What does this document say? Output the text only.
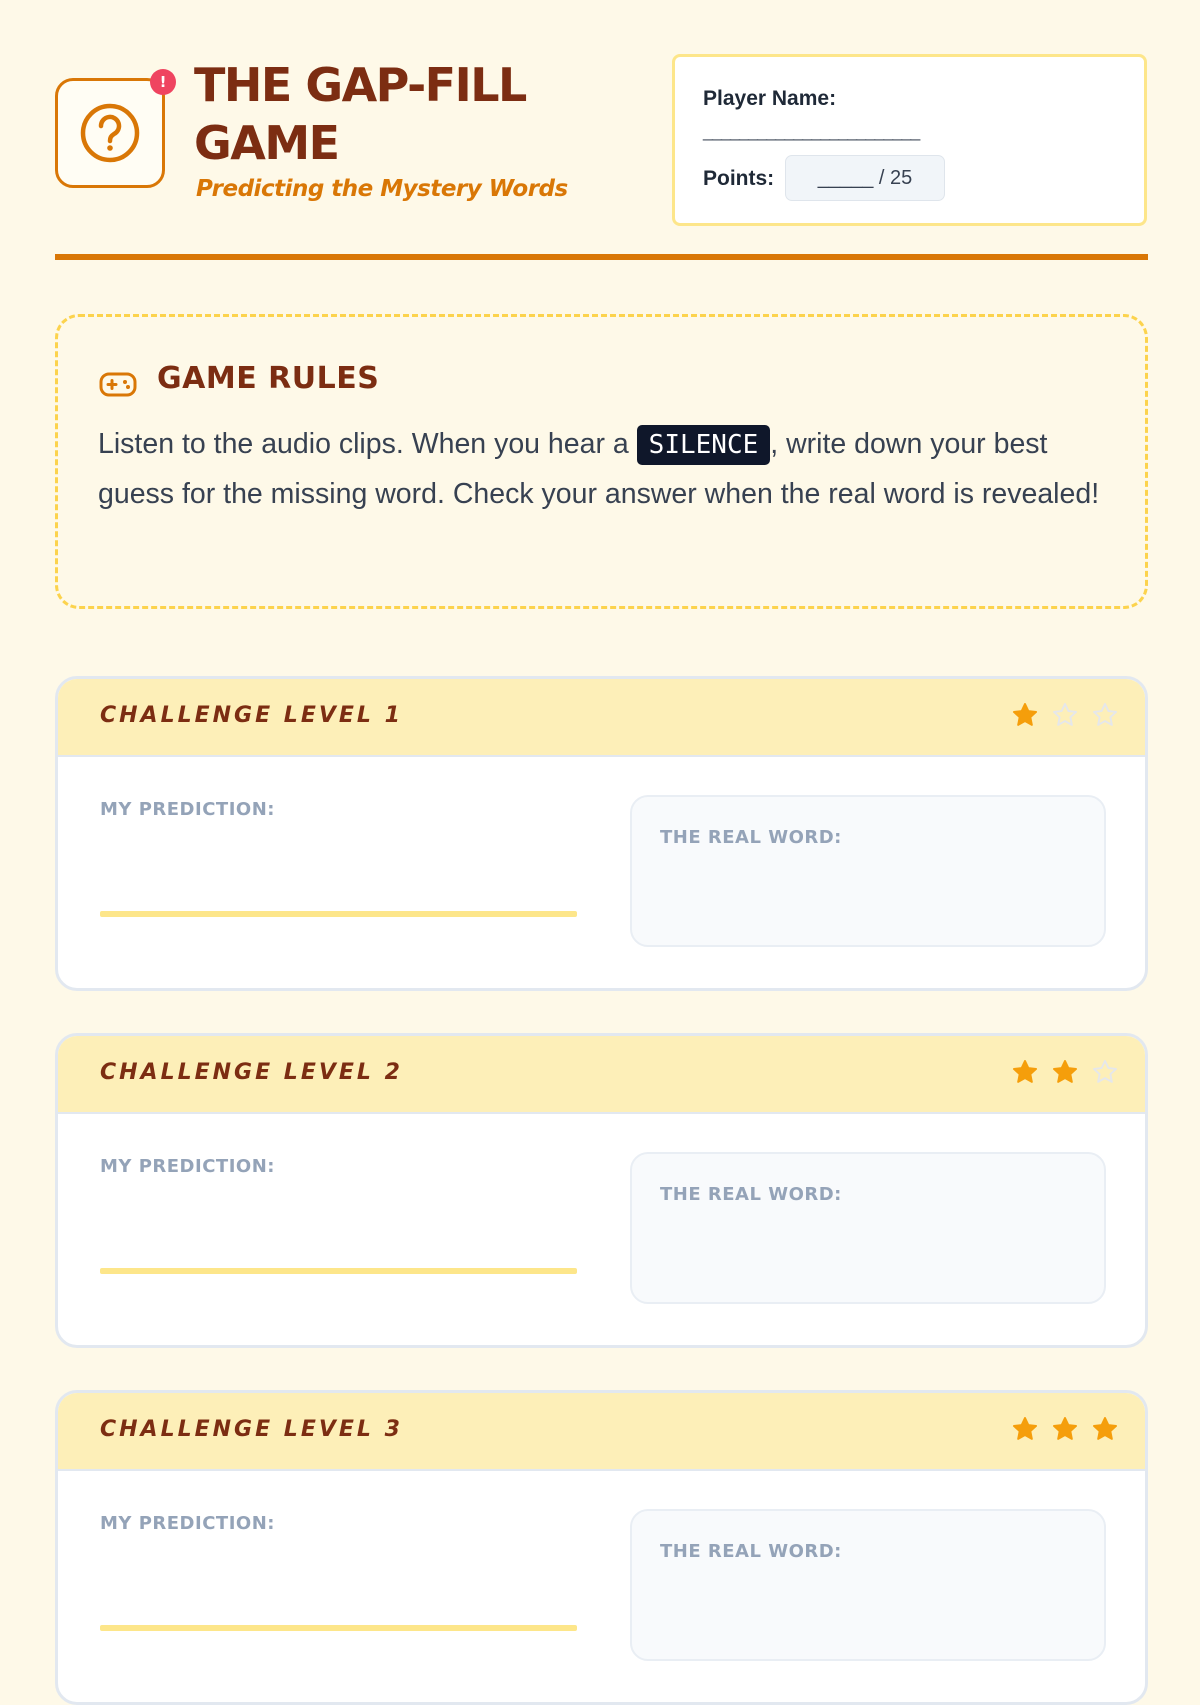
! THE GAP-FILL GAME
Predicting the Mystery Words
Player Name:
________________________
Points:	_____ / 25
GAME RULES

Listen to the audio clips. When you hear a SILENCE , write down your best guess for the missing word. Check your answer when the real word is revealed!

CHALLENGE LEVEL 1
MY PREDICTION:
THE REAL WORD:
CHALLENGE LEVEL 2
MY PREDICTION:
THE REAL WORD:
CHALLENGE LEVEL 3
MY PREDICTION:
THE REAL WORD:
